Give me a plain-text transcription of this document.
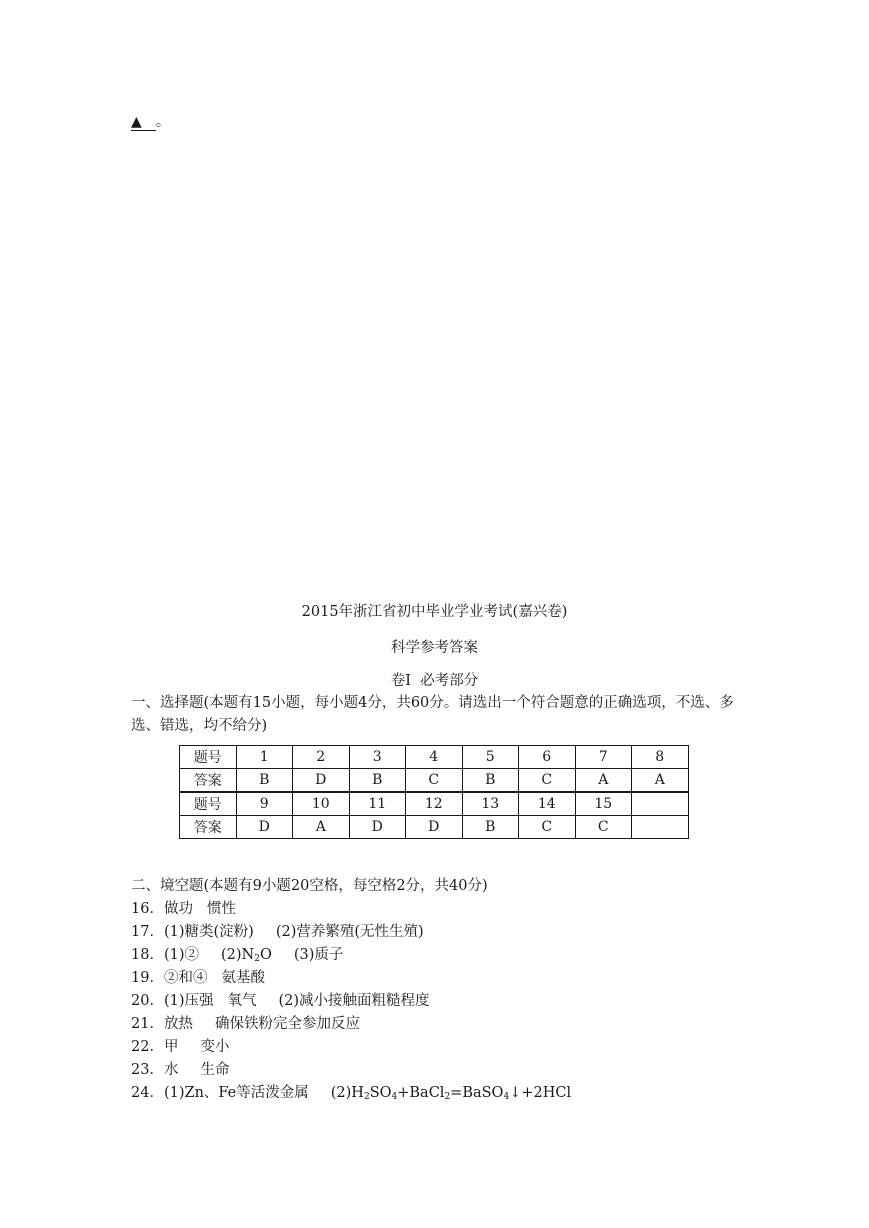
▲ 。
2015年浙江省初中毕业学业考试(嘉兴卷)
科学参考答案
卷Ⅰ  必考部分
一、选择题(本题有15小题，每小题4分，共60分。请选出一个符合题意的正确选项，不选、多选、错选，均不给分)
题号	1	2	3	4	5	6	7	8
答案	B	D	B	C	B	C	A	A
题号	9	10	11	12	13	14	15	
答案	D	A	D	D	B	C	C	
二、境空题(本题有9小题20空格，每空格2分，共40分)
16．做功 惯性
17．(1)糖类(淀粉) (2)营养繁殖(无性生殖)
18．(1)② $(2)N_2O$ (3)质子
19．②和④ 氨基酸
20．(1)压强 氧气 (2)减小接触面粗糙程度
21．放热 确保铁粉完全参加反应
22．甲 变小
23．水 生命
24．(1)Zn、Fe等活泼金属 $(2)H_2SO_4+BaCl_2=BaSO_4↓+2HCl$
